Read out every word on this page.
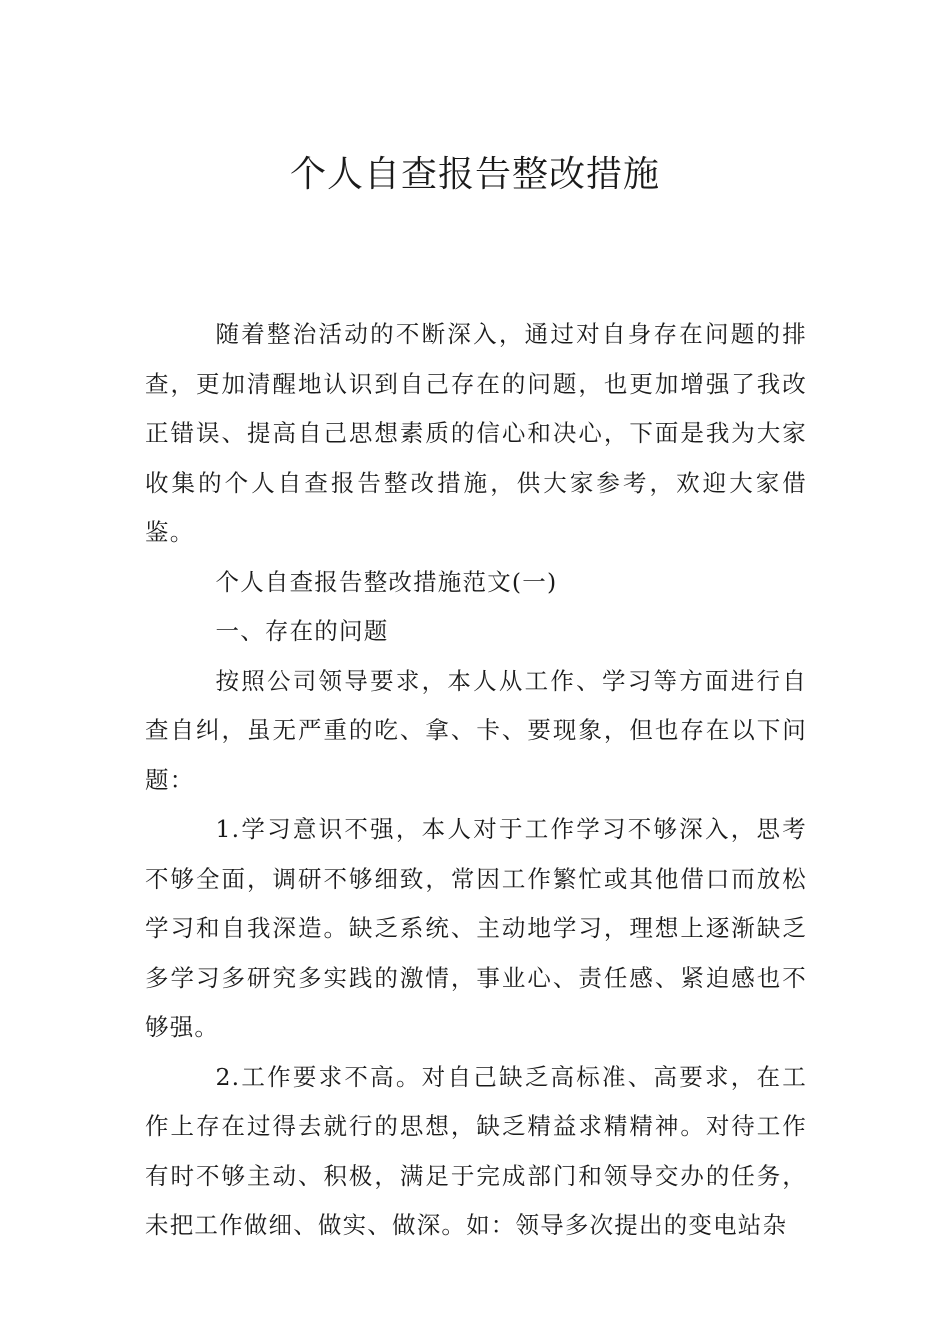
个人自查报告整改措施

随着整治活动的不断深入，通过对自身存在问题的排查，更加清醒地认识到自己存在的问题，也更加增强了我改正错误、提高自己思想素质的信心和决心，下面是我为大家收集的个人自查报告整改措施，供大家参考，欢迎大家借鉴。

个人自查报告整改措施范文(一)

一、存在的问题

按照公司领导要求，本人从工作、学习等方面进行自查自纠，虽无严重的吃、拿、卡、要现象，但也存在以下问题：

1.学习意识不强，本人对于工作学习不够深入，思考不够全面，调研不够细致，常因工作繁忙或其他借口而放松学习和自我深造。缺乏系统、主动地学习，理想上逐渐缺乏多学习多研究多实践的激情，事业心、责任感、紧迫感也不够强。

2.工作要求不高。对自己缺乏高标准、高要求，在工作上存在过得去就行的思想，缺乏精益求精精神。对待工作有时不够主动、积极，满足于完成部门和领导交办的任务，未把工作做细、做实、做深。如：领导多次提出的变电站杂
